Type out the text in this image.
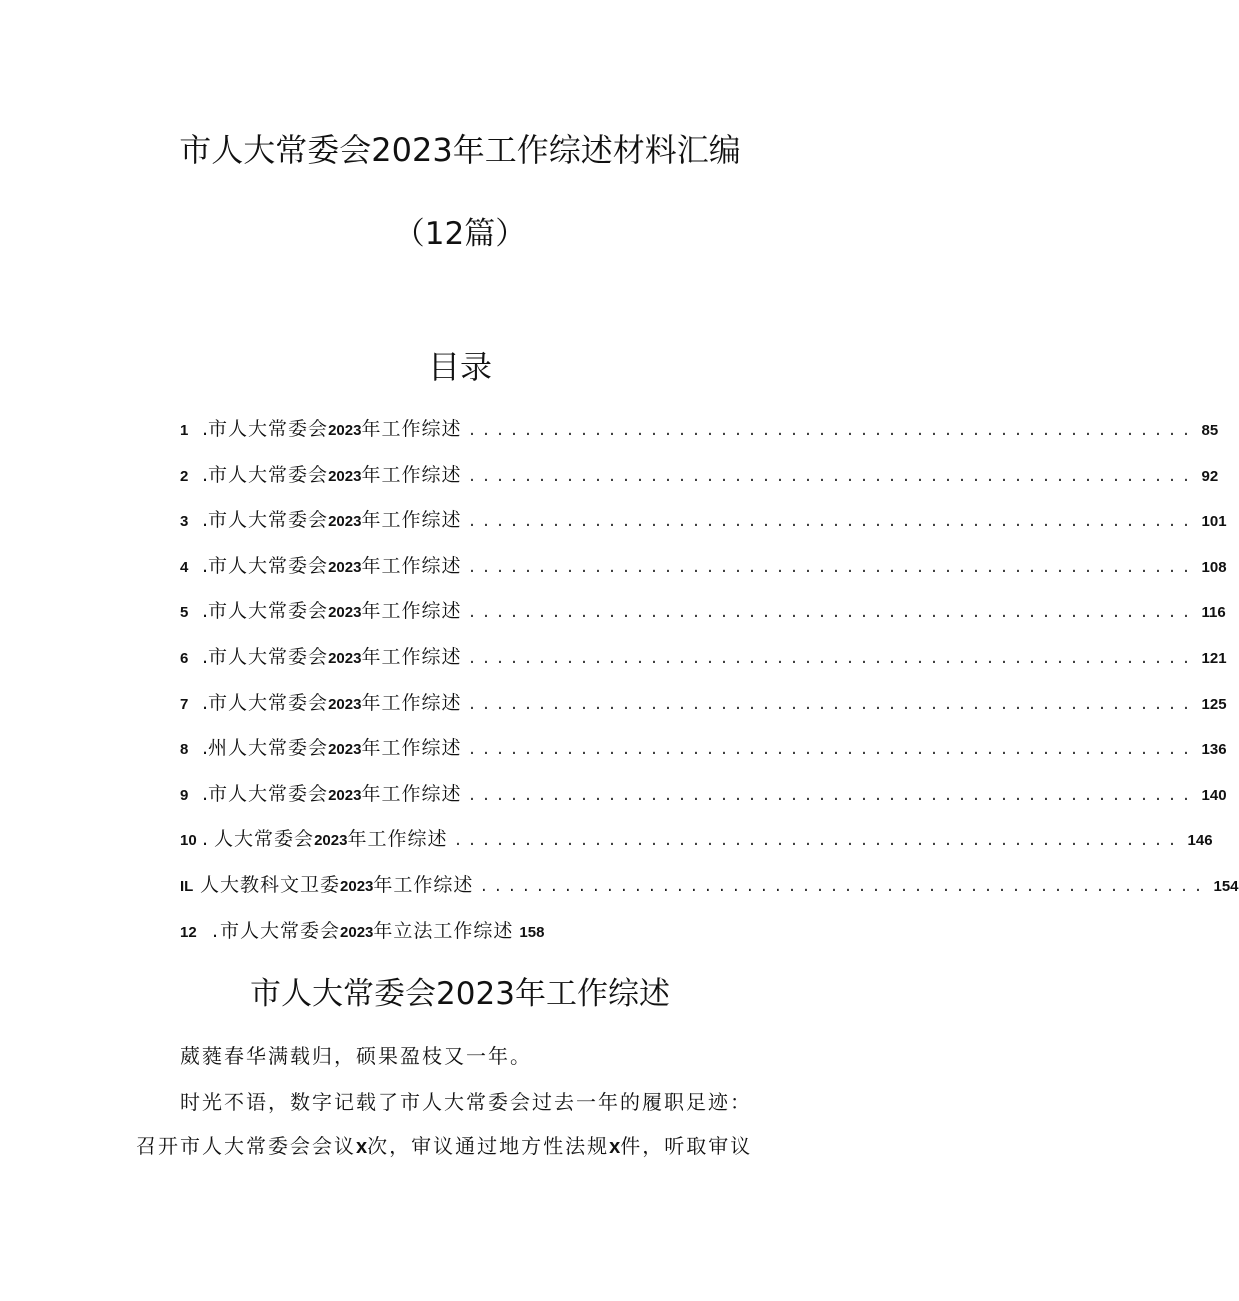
市人大常委会2023年工作综述材料汇编
（12篇）
目录
1 . 市人大常委会2023年工作综述 .................................................... 85
2 . 市人大常委会2023年工作综述 .................................................... 92
3 . 市人大常委会2023年工作综述 .................................................... 101
4 . 市人大常委会2023年工作综述 .................................................... 108
5 . 市人大常委会2023年工作综述 .................................................... 116
6 . 市人大常委会2023年工作综述 .................................................... 121
7 . 市人大常委会2023年工作综述 .................................................... 125
8 . 州人大常委会2023年工作综述 .................................................... 136
9 . 市人大常委会2023年工作综述 .................................................... 140
10 . 人大常委会2023年工作综述 .................................................... 146
IL 人大教科文卫委2023年工作综述 .................................................... 154
12 . 市人大常委会2023年立法工作综述 158
市人大常委会2023年工作综述
葳蕤春华满载归，硕果盈枝又一年。
时光不语，数字记载了市人大常委会过去一年的履职足迹：
召开市人大常委会会议x次，审议通过地方性法规x件，听取审议
